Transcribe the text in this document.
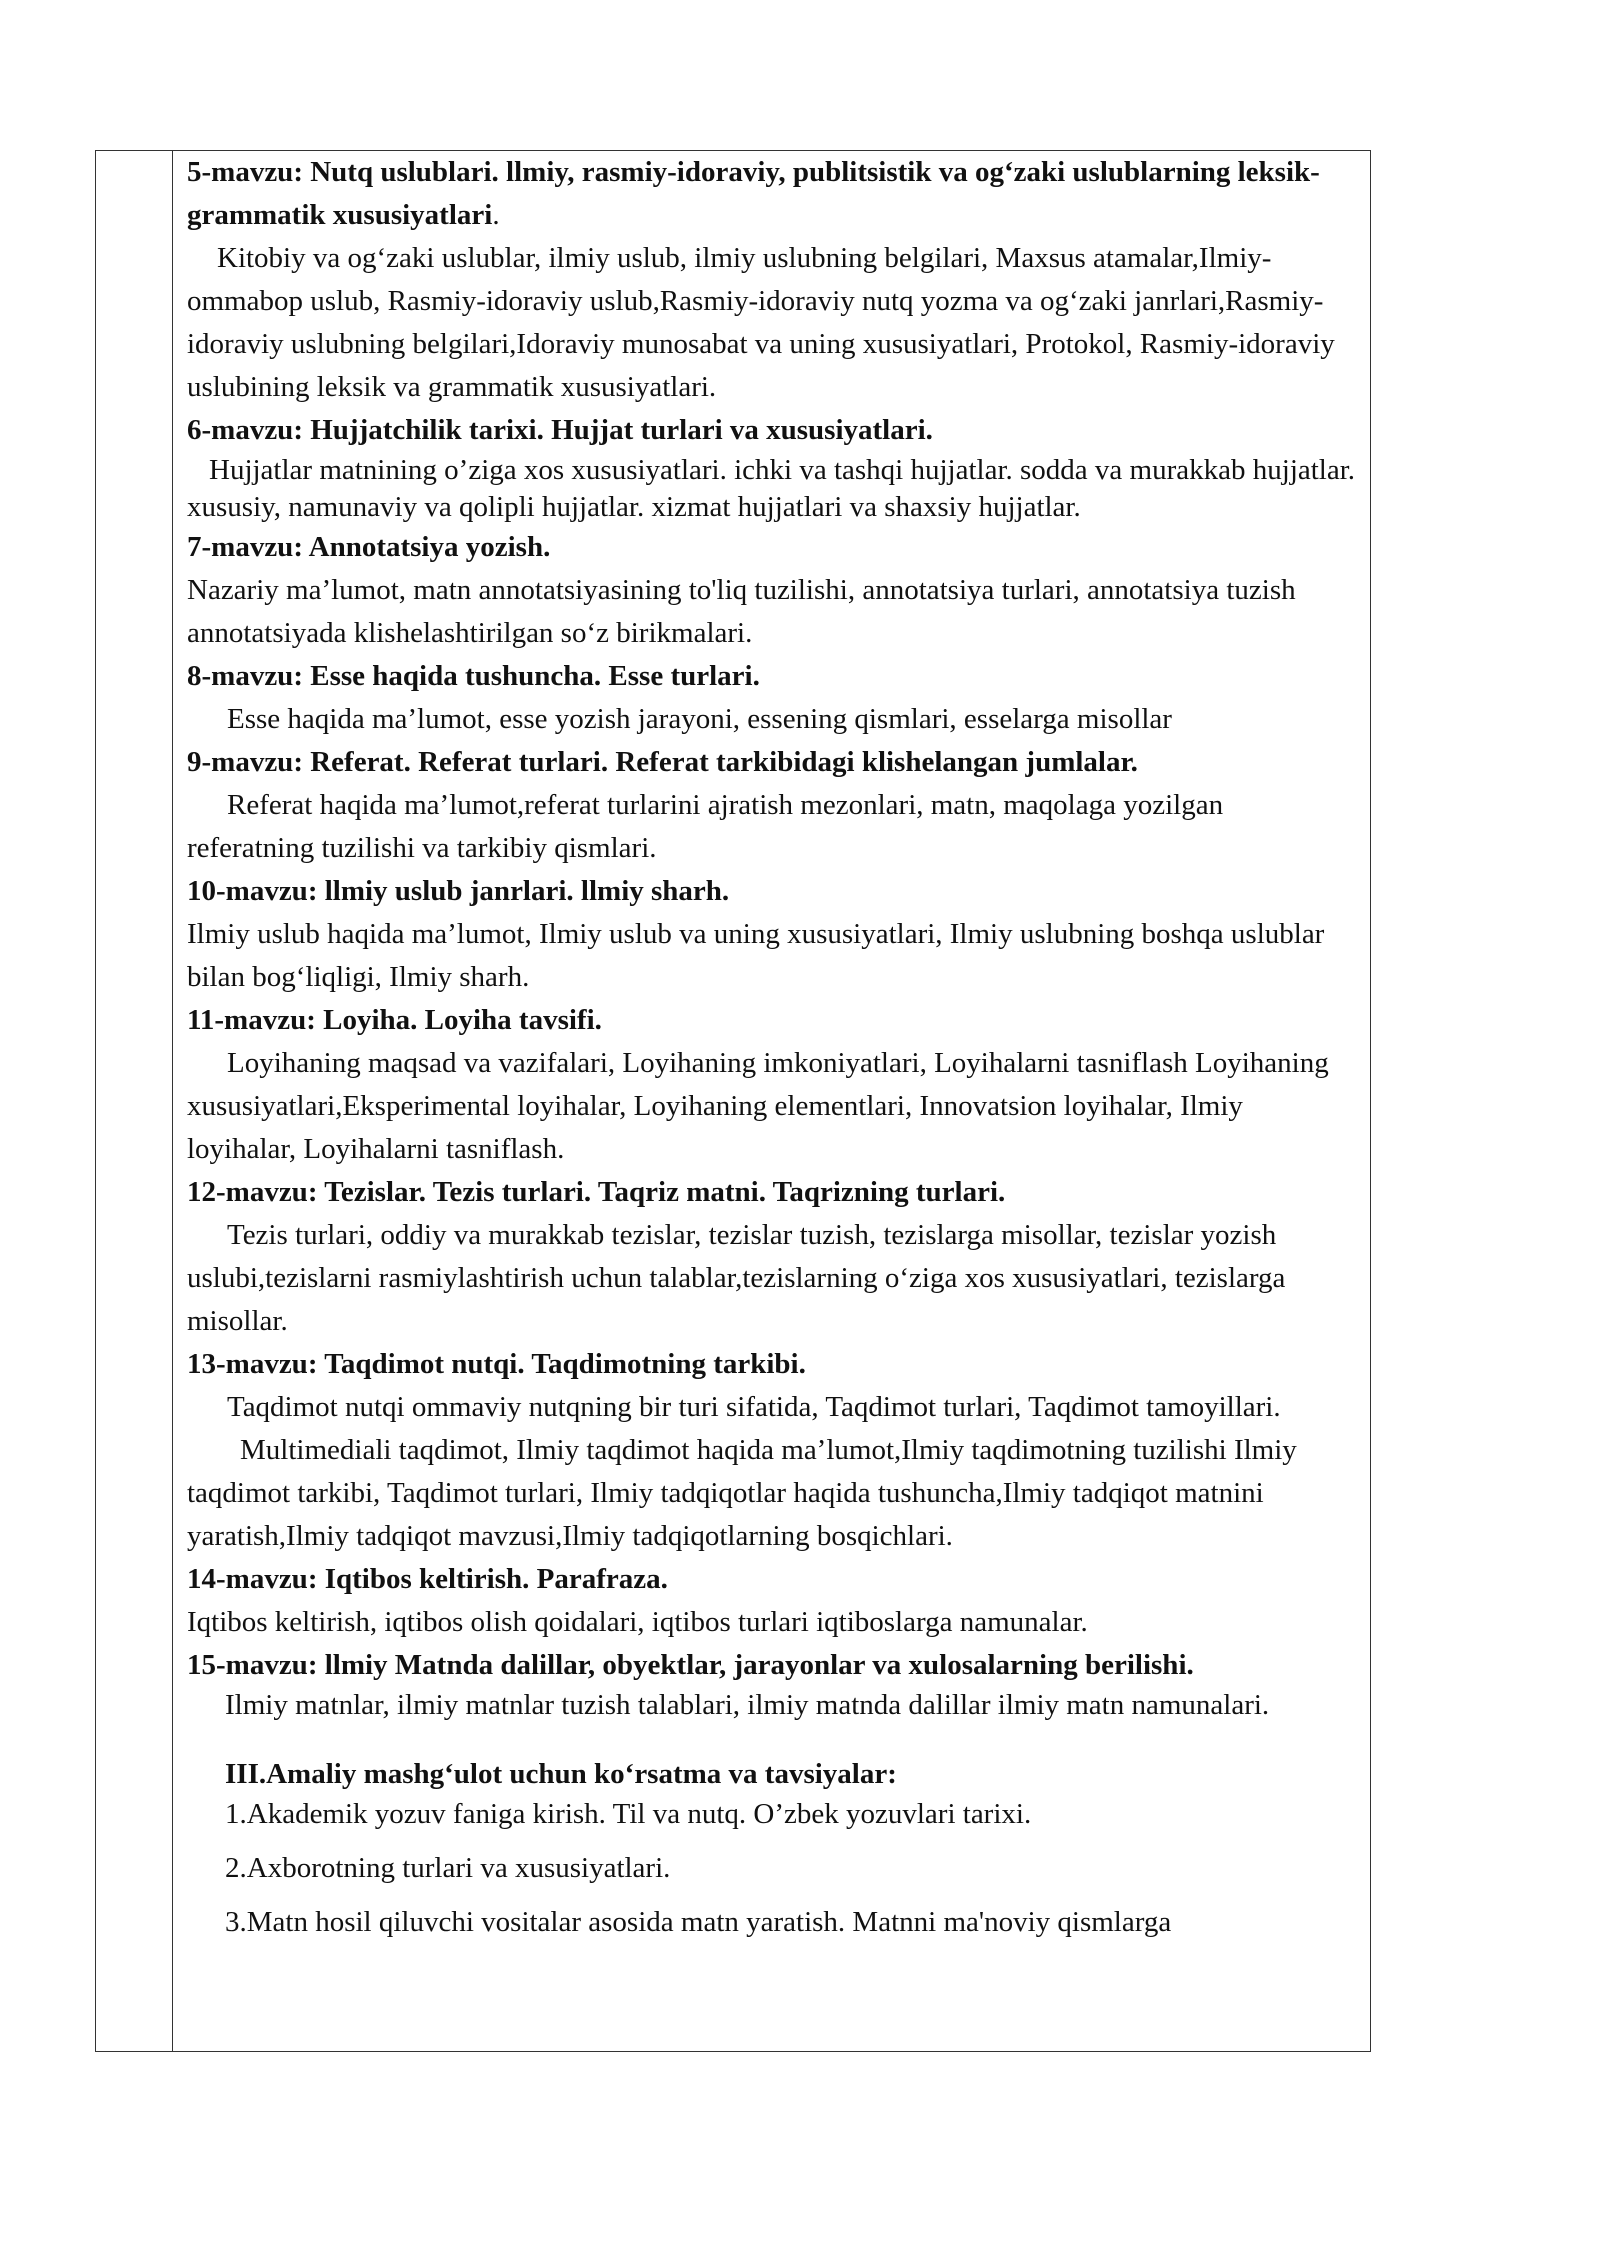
5-mavzu: Nutq uslublari. llmiy, rasmiy-idoraviy, publitsistik va og‘zaki uslublarning leksik-grammatik xususiyatlari.

Kitobiy va og‘zaki uslublar, ilmiy uslub, ilmiy uslubning belgilari, Maxsus atamalar,Ilmiy-ommabop uslub, Rasmiy-idoraviy uslub,Rasmiy-idoraviy nutq yozma va og‘zaki janrlari,Rasmiy-idoraviy uslubning belgilari,Idoraviy munosabat va uning xususiyatlari, Protokol, Rasmiy-idoraviy uslubining leksik va grammatik xususiyatlari.

6-mavzu: Hujjatchilik tarixi. Hujjat turlari va xususiyatlari.

Hujjatlar matnining o’ziga xos xususiyatlari. ichki va tashqi hujjatlar. sodda va murakkab hujjatlar. xususiy, namunaviy va qolipli hujjatlar. xizmat hujjatlari va shaxsiy hujjatlar.

7-mavzu: Annotatsiya yozish.

Nazariy ma’lumot, matn annotatsiyasining to'liq tuzilishi, annotatsiya turlari, annotatsiya tuzish annotatsiyada klishelashtirilgan so‘z birikmalari.

8-mavzu: Esse haqida tushuncha. Esse turlari.

Esse haqida ma’lumot, esse yozish jarayoni, essening qismlari, esselarga misollar

9-mavzu: Referat. Referat turlari. Referat tarkibidagi klishelangan jumlalar.

Referat haqida ma’lumot,referat turlarini ajratish mezonlari, matn, maqolaga yozilgan referatning tuzilishi va tarkibiy qismlari.

10-mavzu: llmiy uslub janrlari. llmiy sharh.

Ilmiy uslub haqida ma’lumot, Ilmiy uslub va uning xususiyatlari, Ilmiy uslubning boshqa uslublar bilan bog‘liqligi, Ilmiy sharh.

11-mavzu: Loyiha. Loyiha tavsifi.

Loyihaning maqsad va vazifalari, Loyihaning imkoniyatlari, Loyihalarni tasniflash Loyihaning xususiyatlari,Eksperimental loyihalar, Loyihaning elementlari, Innovatsion loyihalar, Ilmiy loyihalar, Loyihalarni tasniflash.

12-mavzu: Tezislar. Tezis turlari. Taqriz matni. Taqrizning turlari.

Tezis turlari, oddiy va murakkab tezislar, tezislar tuzish, tezislarga misollar, tezislar yozish uslubi,tezislarni rasmiylashtirish uchun talablar,tezislarning o‘ziga xos xususiyatlari, tezislarga misollar.

13-mavzu: Taqdimot nutqi. Taqdimotning tarkibi.

Taqdimot nutqi ommaviy nutqning bir turi sifatida, Taqdimot turlari, Taqdimot tamoyillari.

Multimediali taqdimot, Ilmiy taqdimot haqida ma’lumot,Ilmiy taqdimotning tuzilishi Ilmiy taqdimot tarkibi, Taqdimot turlari, Ilmiy tadqiqotlar haqida tushuncha,Ilmiy tadqiqot matnini yaratish,Ilmiy tadqiqot mavzusi,Ilmiy tadqiqotlarning bosqichlari.

14-mavzu: Iqtibos keltirish. Parafraza.

Iqtibos keltirish, iqtibos olish qoidalari, iqtibos turlari iqtiboslarga namunalar.

15-mavzu: llmiy Matnda dalillar, obyektlar, jarayonlar va xulosalarning berilishi.

Ilmiy matnlar, ilmiy matnlar tuzish talablari, ilmiy matnda dalillar ilmiy matn namunalari.

III.Amaliy mashg‘ulot uchun ko‘rsatma va tavsiyalar:

1.Akademik yozuv faniga kirish. Til va nutq. O’zbek yozuvlari tarixi.

2.Axborotning turlari va xususiyatlari.

3.Matn hosil qiluvchi vositalar asosida matn yaratish. Matnni ma'noviy qismlarga
